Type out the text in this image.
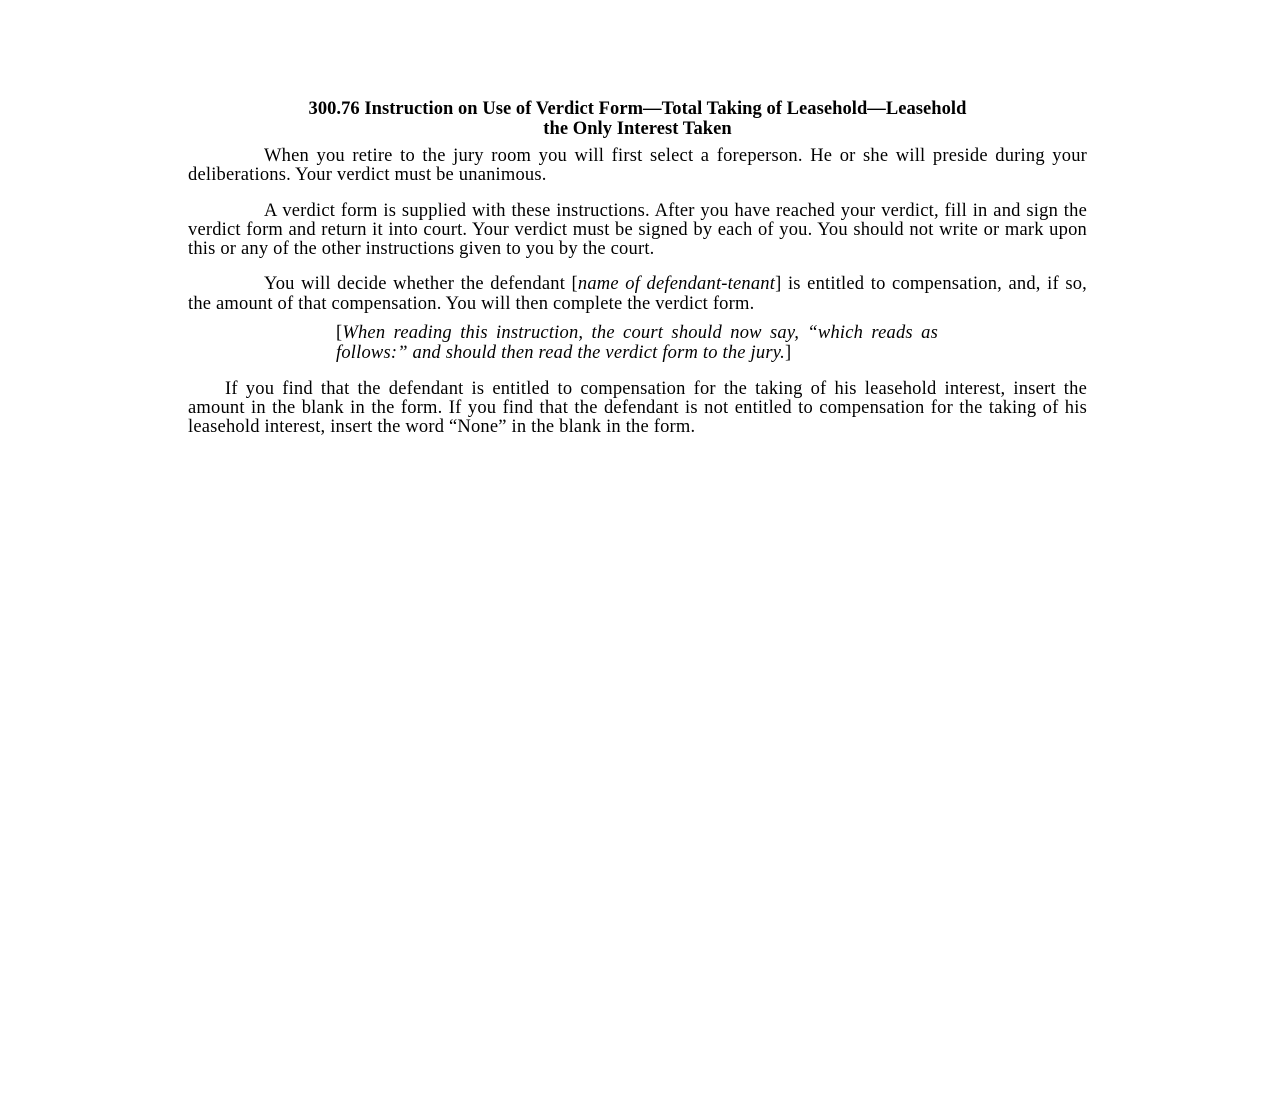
300.76 Instruction on Use of Verdict Form—Total Taking of Leasehold—Leasehold
the Only Interest Taken

When you retire to the jury room you will first select a foreperson. He or she will preside during your deliberations. Your verdict must be unanimous.

A verdict form is supplied with these instructions. After you have reached your verdict, fill in and sign the verdict form and return it into court. Your verdict must be signed by each of you. You should not write or mark upon this or any of the other instructions given to you by the court.

You will decide whether the defendant [name of defendant-tenant] is entitled to compensation, and, if so, the amount of that compensation. You will then complete the verdict form.

[When reading this instruction, the court should now say, “which reads as follows:” and should then read the verdict form to the jury.]

If you find that the defendant is entitled to compensation for the taking of his leasehold interest, insert the amount in the blank in the form. If you find that the defendant is not entitled to compensation for the taking of his leasehold interest, insert the word “None” in the blank in the form.
